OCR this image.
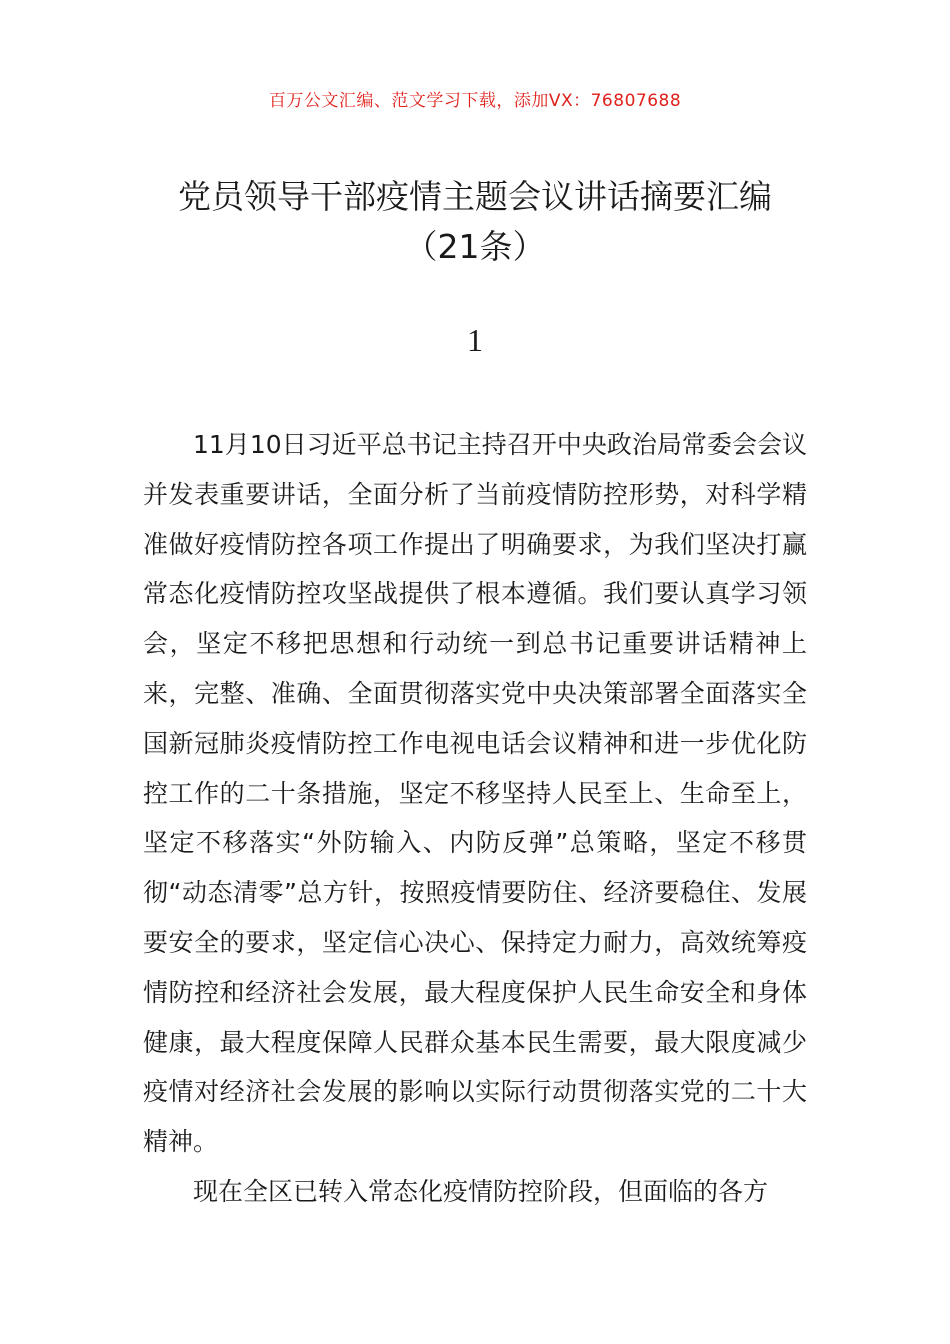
百万公文汇编、范文学习下载，添加VX：76807688
党员领导干部疫情主题会议讲话摘要汇编
（21条）
1

11月10日习近平总书记主持召开中央政治局常委会会议并发表重要讲话，全面分析了当前疫情防控形势，对科学精准做好疫情防控各项工作提出了明确要求，为我们坚决打赢常态化疫情防控攻坚战提供了根本遵循。我们要认真学习领会，坚定不移把思想和行动统一到总书记重要讲话精神上来，完整、准确、全面贯彻落实党中央决策部署全面落实全国新冠肺炎疫情防控工作电视电话会议精神和进一步优化防控工作的二十条措施，坚定不移坚持人民至上、生命至上，坚定不移落实“外防输入、内防反弹”总策略，坚定不移贯彻“动态清零”总方针，按照疫情要防住、经济要稳住、发展要安全的要求，坚定信心决心、保持定力耐力，高效统筹疫情防控和经济社会发展，最大程度保护人民生命安全和身体健康，最大程度保障人民群众基本民生需要，最大限度减少疫情对经济社会发展的影响以实际行动贯彻落实党的二十大精神。

现在全区已转入常态化疫情防控阶段，但面临的各方
